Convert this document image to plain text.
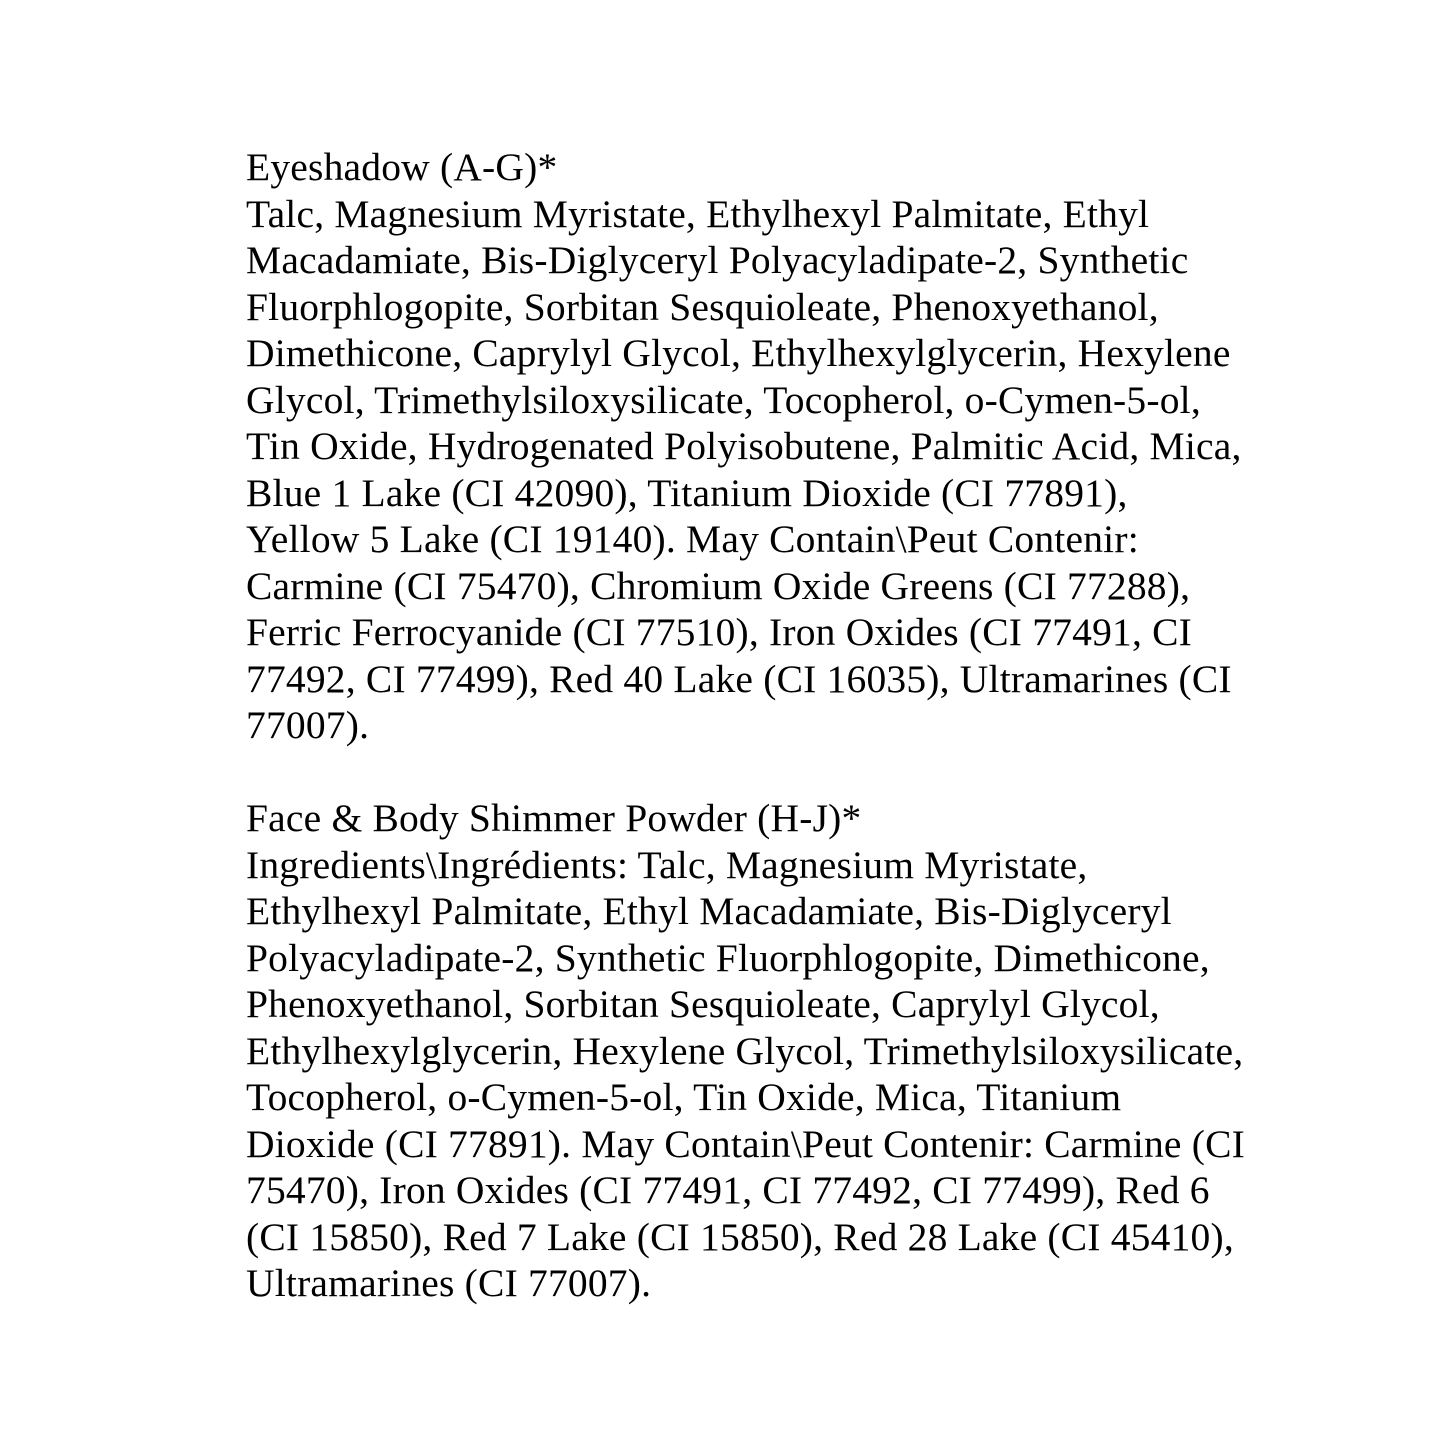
Eyeshadow (A-G)*
Talc, Magnesium Myristate, Ethylhexyl Palmitate, Ethyl
Macadamiate, Bis-Diglyceryl Polyacyladipate-2, Synthetic
Fluorphlogopite, Sorbitan Sesquioleate, Phenoxyethanol,
Dimethicone, Caprylyl Glycol, Ethylhexylglycerin, Hexylene
Glycol, Trimethylsiloxysilicate, Tocopherol, o-Cymen-5-ol,
Tin Oxide, Hydrogenated Polyisobutene, Palmitic Acid, Mica,
Blue 1 Lake (CI 42090), Titanium Dioxide (CI 77891),
Yellow 5 Lake (CI 19140). May Contain\Peut Contenir:
Carmine (CI 75470), Chromium Oxide Greens (CI 77288),
Ferric Ferrocyanide (CI 77510), Iron Oxides (CI 77491, CI
77492, CI 77499), Red 40 Lake (CI 16035), Ultramarines (CI
77007).
Face & Body Shimmer Powder (H-J)*
Ingredients\Ingrédients: Talc, Magnesium Myristate,
Ethylhexyl Palmitate, Ethyl Macadamiate, Bis-Diglyceryl
Polyacyladipate-2, Synthetic Fluorphlogopite, Dimethicone,
Phenoxyethanol, Sorbitan Sesquioleate, Caprylyl Glycol,
Ethylhexylglycerin, Hexylene Glycol, Trimethylsiloxysilicate,
Tocopherol, o-Cymen-5-ol, Tin Oxide, Mica, Titanium
Dioxide (CI 77891). May Contain\Peut Contenir: Carmine (CI
75470), Iron Oxides (CI 77491, CI 77492, CI 77499), Red 6
(CI 15850), Red 7 Lake (CI 15850), Red 28 Lake (CI 45410),
Ultramarines (CI 77007).
